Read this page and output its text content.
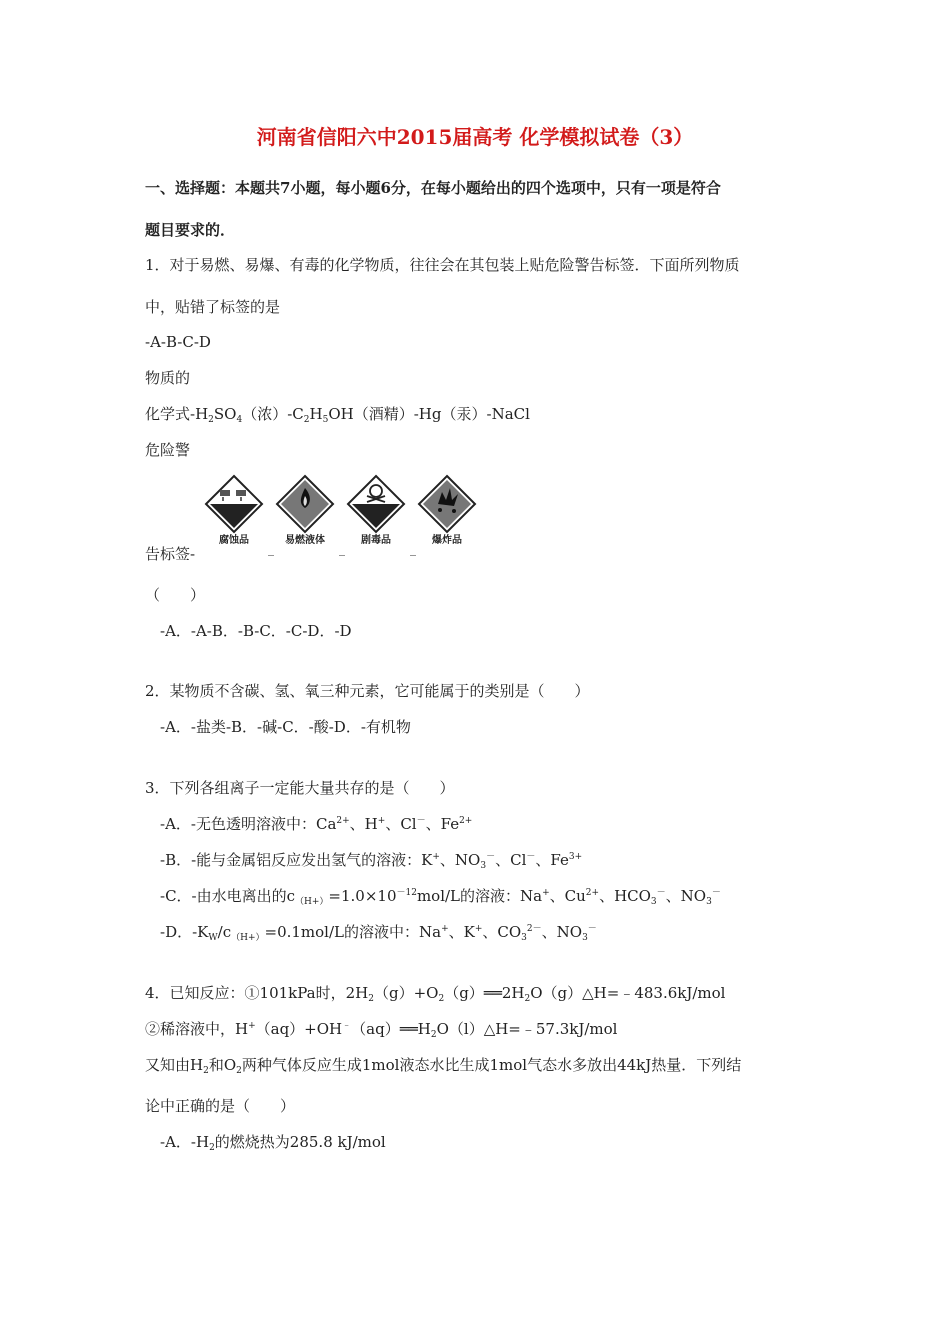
河南省信阳六中2015届高考 化学模拟试卷（3）
一、选择题：本题共7小题，每小题6分，在每小题给出的四个选项中，只有一项是符合
题目要求的．
1．对于易燃、易爆、有毒的化学物质，往往会在其包装上贴危险警告标签．下面所列物质
中，贴错了标签的是
-A-B-C-D
物质的
化学式$-H_2SO_4$（浓）$-C_2H_5OH$（酒精）-Hg（汞）-NaCl
危险警
腐蚀品
_
易燃液体
_
剧毒品
_
爆炸品
告标签-
（　　）
-A．-A-B．-B-C．-C-D．-D
2．某物质不含碳、氢、氧三种元素，它可能属于的类别是（　　）
-A．-盐类-B．-碱-C．-酸-D．-有机物
3．下列各组离子一定能大量共存的是（　　）
-A．-无色透明溶液中：$Ca^{2+}$、H+、Cl－、$Fe^{2+}$
-B．-能与金属铝反应发出氢气的溶液：K+、$NO_3^-$、Cl－、$Fe^{3+}$
-C．-由水电离出的$c_{(H+)}=1.0\times 10^{-12}mol/L$的溶液：Na+、$Cu^{2+}$、$HCO_3^-$、$NO_3^-$
-D．$-K_W/c_{(H+)}=0.1mol/L$的溶液中：Na+、K+、$CO_3^{2-}$、$NO_3^-$
4．已知反应：①101kPa时，$2H_2(g)+O_2(g)══2H_2O(g)\triangle H=﹣483.6kJ$/mol
②稀溶液中，$H^+(aq)+OH^﹣(aq)══H_2O(l)\triangle H=﹣57.3kJ$/mol
又知由$H_2$和$O_2$两种气体反应生成1mol液态水比生成1mol气态水多放出44kJ热量．下列结
论中正确的是（　　）
-A．$-H_2$的燃烧热为285.8 kJ/mol
